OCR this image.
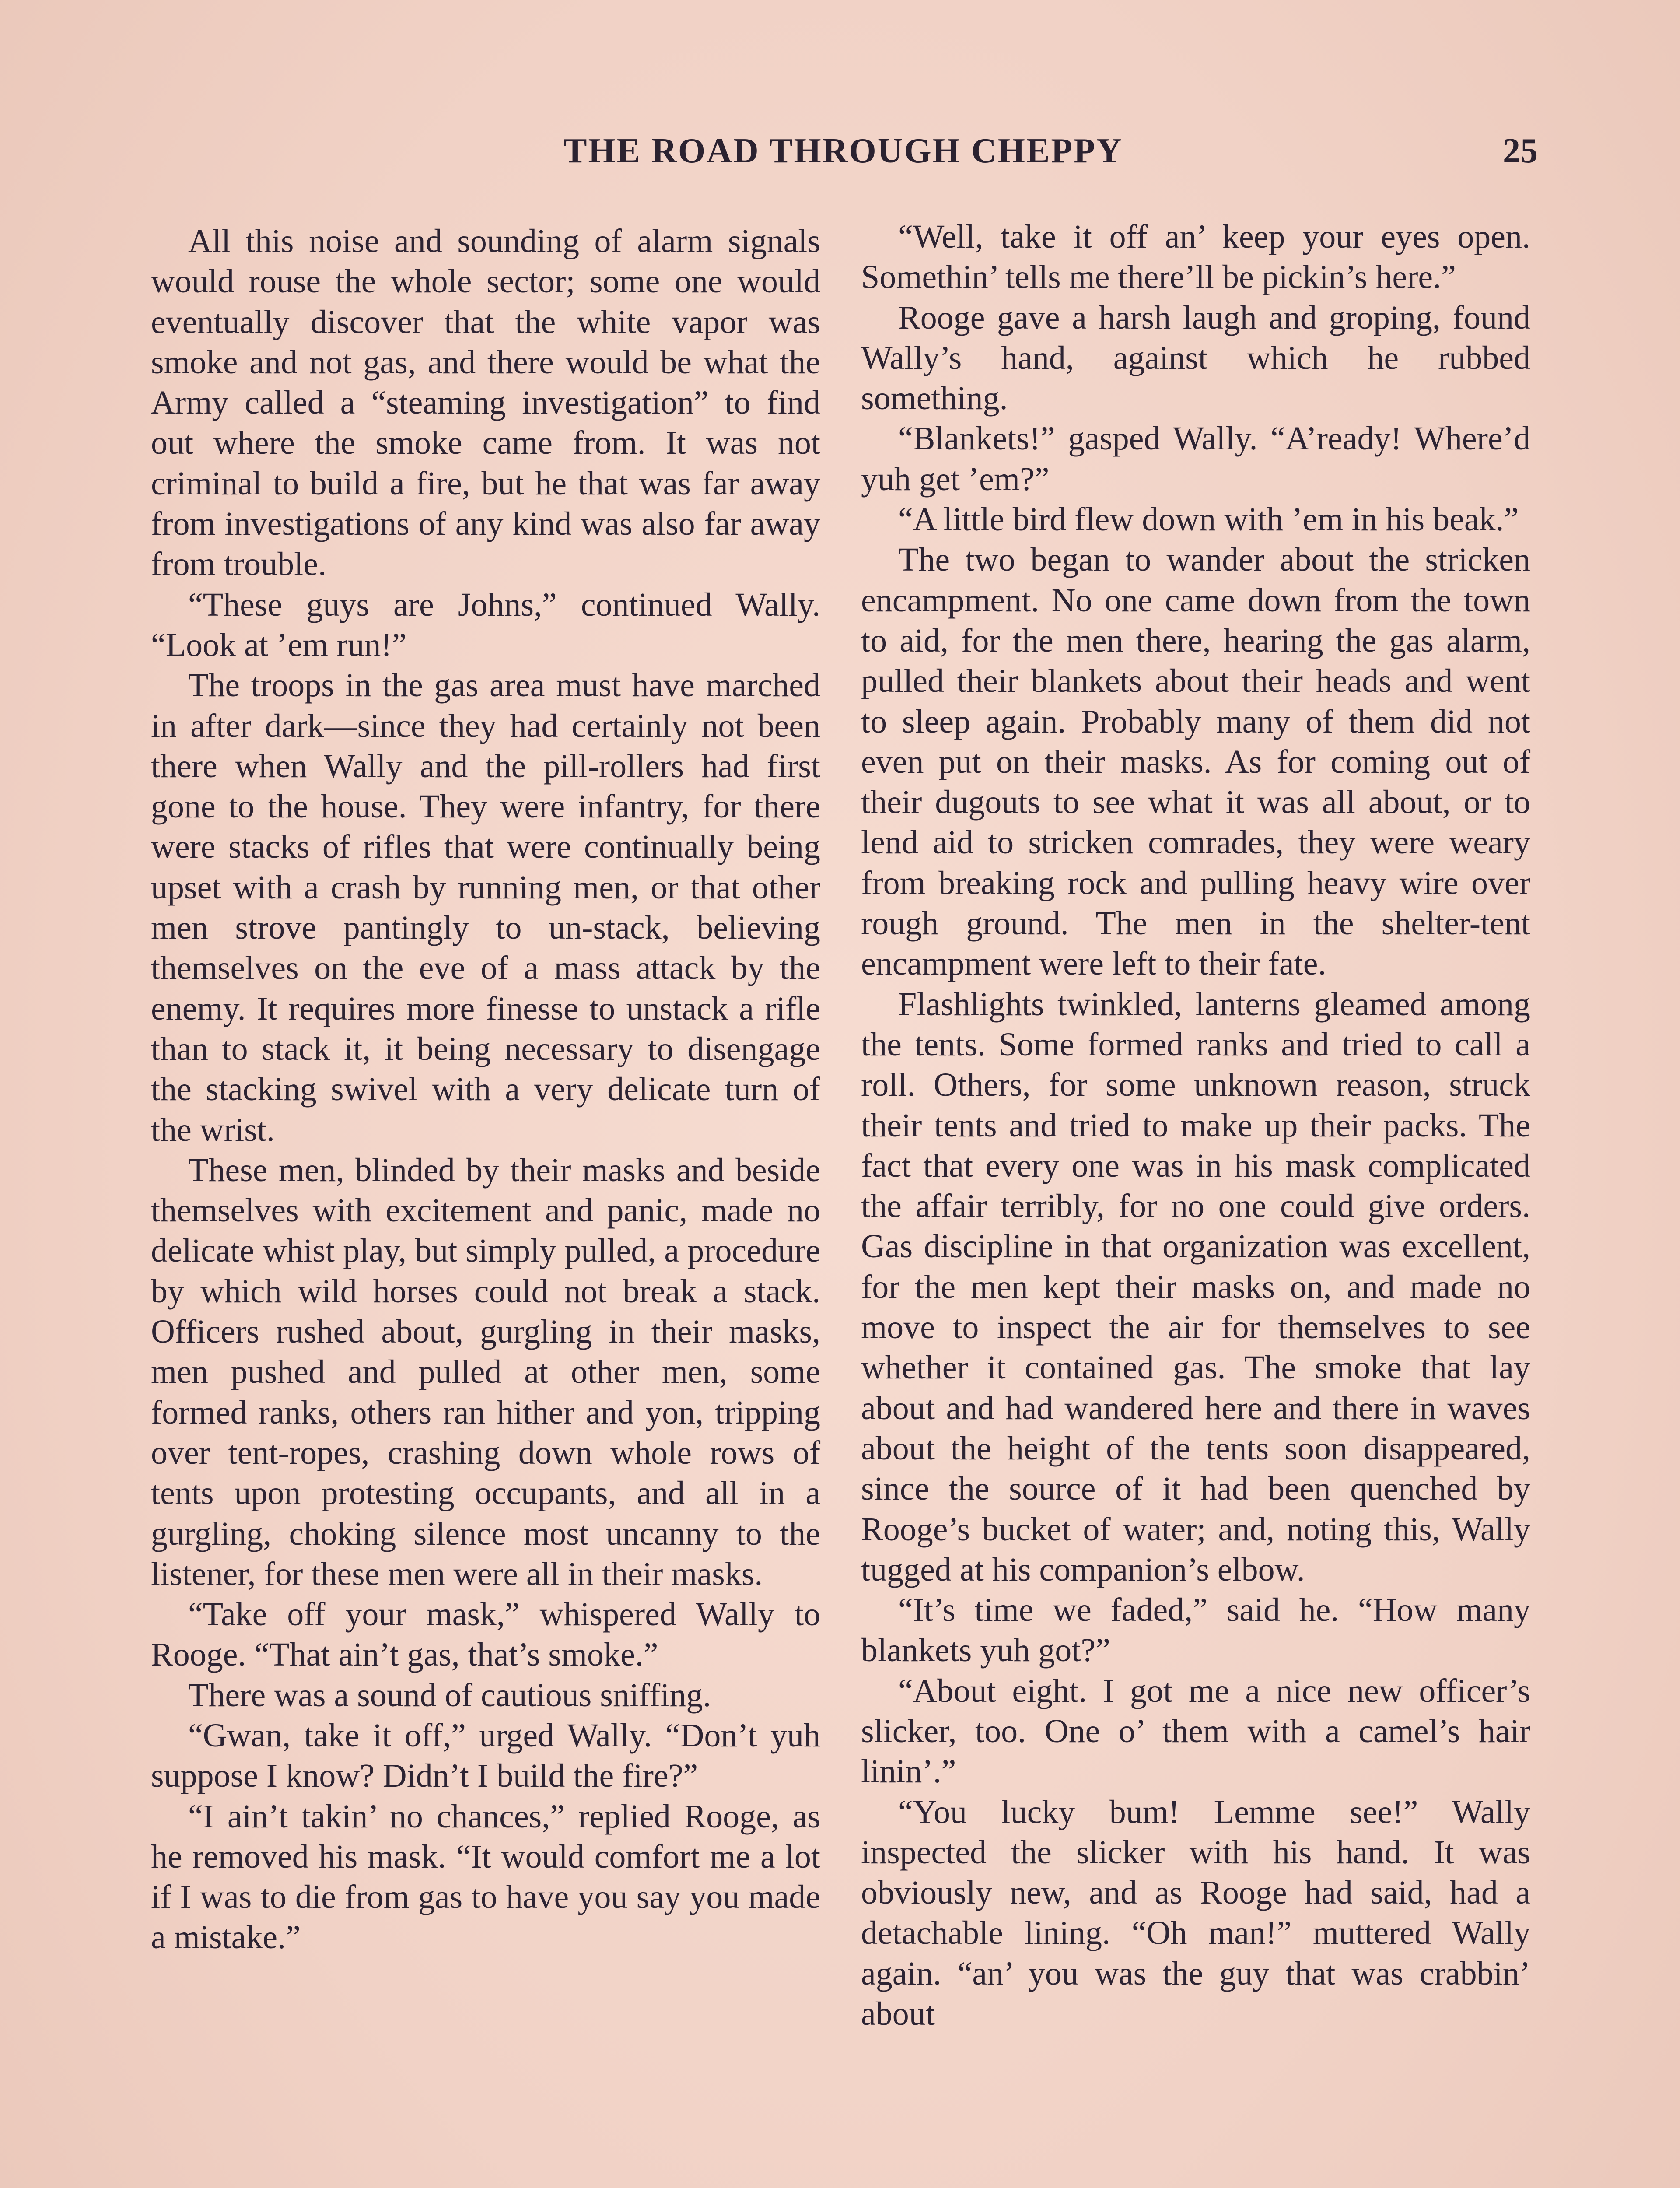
THE ROAD THROUGH CHEPPY	25

All this noise and sounding of alarm signals would rouse the whole sector; some one would eventually discover that the white vapor was smoke and not gas, and there would be what the Army called a “steaming investigation” to find out where the smoke came from. It was not criminal to build a fire, but he that was far away from investigations of any kind was also far away from trouble.

“These guys are Johns,” continued Wally. “Look at ’em run!”

The troops in the gas area must have marched in after dark—since they had certainly not been there when Wally and the pill-rollers had first gone to the house. They were infantry, for there were stacks of rifles that were continually being upset with a crash by running men, or that other men strove pantingly to un-stack, believing themselves on the eve of a mass attack by the enemy. It requires more finesse to unstack a rifle than to stack it, it being necessary to disengage the stacking swivel with a very delicate turn of the wrist.

These men, blinded by their masks and beside themselves with excitement and panic, made no delicate whist play, but simply pulled, a procedure by which wild horses could not break a stack. Officers rushed about, gurgling in their masks, men pushed and pulled at other men, some formed ranks, others ran hither and yon, tripping over tent-ropes, crashing down whole rows of tents upon protesting occupants, and all in a gurgling, choking silence most uncanny to the listener, for these men were all in their masks.

“Take off your mask,” whispered Wally to Rooge. “That ain’t gas, that’s smoke.”

There was a sound of cautious sniffing.

“Gwan, take it off,” urged Wally. “Don’t yuh suppose I know? Didn’t I build the fire?”

“I ain’t takin’ no chances,” replied Rooge, as he removed his mask. “It would comfort me a lot if I was to die from gas to have you say you made a mistake.”

“Well, take it off an’ keep your eyes open. Somethin’ tells me there’ll be pickin’s here.”

Rooge gave a harsh laugh and groping, found Wally’s hand, against which he rubbed something.

“Blankets!” gasped Wally. “A’ready! Where’d yuh get ’em?”

“A little bird flew down with ’em in his beak.”

The two began to wander about the stricken encampment. No one came down from the town to aid, for the men there, hearing the gas alarm, pulled their blankets about their heads and went to sleep again. Probably many of them did not even put on their masks. As for coming out of their dugouts to see what it was all about, or to lend aid to stricken comrades, they were weary from breaking rock and pulling heavy wire over rough ground. The men in the shelter-tent encampment were left to their fate.

Flashlights twinkled, lanterns gleamed among the tents. Some formed ranks and tried to call a roll. Others, for some unknown reason, struck their tents and tried to make up their packs. The fact that every one was in his mask complicated the affair terribly, for no one could give orders. Gas discipline in that organization was excellent, for the men kept their masks on, and made no move to inspect the air for themselves to see whether it contained gas. The smoke that lay about and had wandered here and there in waves about the height of the tents soon disappeared, since the source of it had been quenched by Rooge’s bucket of water; and, noting this, Wally tugged at his companion’s elbow.

“It’s time we faded,” said he. “How many blankets yuh got?”

“About eight. I got me a nice new officer’s slicker, too. One o’ them with a camel’s hair linin’.”

“You lucky bum! Lemme see!” Wally inspected the slicker with his hand. It was obviously new, and as Rooge had said, had a detachable lining. “Oh man!” muttered Wally again. “an’ you was the guy that was crabbin’ about
